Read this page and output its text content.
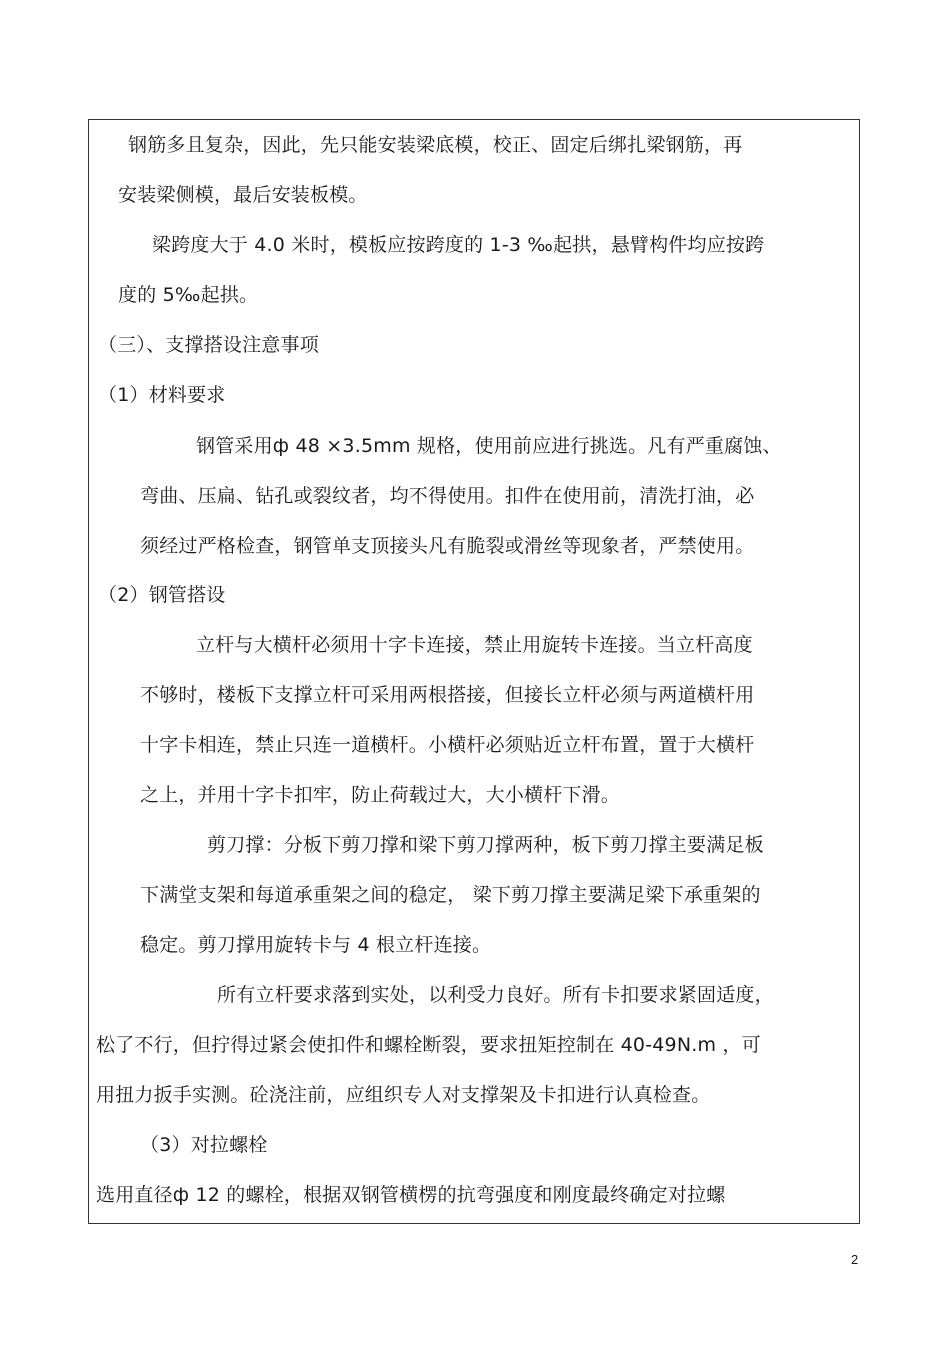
钢筋多且复杂，因此，先只能安装梁底模，校正、固定后绑扎梁钢筋，再
安装梁侧模，最后安装板模。
梁跨度大于 4.0 米时，模板应按跨度的 1-3 ‰起拱，悬臂构件均应按跨
度的 5‰起拱。
（三）、支撑搭设注意事项
（1）材料要求
钢管采用ф 48 ×3.5mm 规格，使用前应进行挑选。凡有严重腐蚀、
弯曲、压扁、钻孔或裂纹者，均不得使用。扣件在使用前，清洗打油，必
须经过严格检查，钢管单支顶接头凡有脆裂或滑丝等现象者，严禁使用。
（2）钢管搭设
立杆与大横杆必须用十字卡连接，禁止用旋转卡连接。当立杆高度
不够时，楼板下支撑立杆可采用两根搭接，但接长立杆必须与两道横杆用
十字卡相连，禁止只连一道横杆。小横杆必须贴近立杆布置，置于大横杆
之上，并用十字卡扣牢，防止荷载过大，大小横杆下滑。
剪刀撑：分板下剪刀撑和梁下剪刀撑两种，板下剪刀撑主要满足板
下满堂支架和每道承重架之间的稳定， 梁下剪刀撑主要满足梁下承重架的
稳定。剪刀撑用旋转卡与 4 根立杆连接。
所有立杆要求落到实处，以利受力良好。所有卡扣要求紧固适度，
松了不行，但拧得过紧会使扣件和螺栓断裂，要求扭矩控制在 40-49N.m ，可
用扭力扳手实测。砼浇注前，应组织专人对支撑架及卡扣进行认真检查。
（3）对拉螺栓
选用直径ф 12 的螺栓，根据双钢管横楞的抗弯强度和刚度最终确定对拉螺
2
